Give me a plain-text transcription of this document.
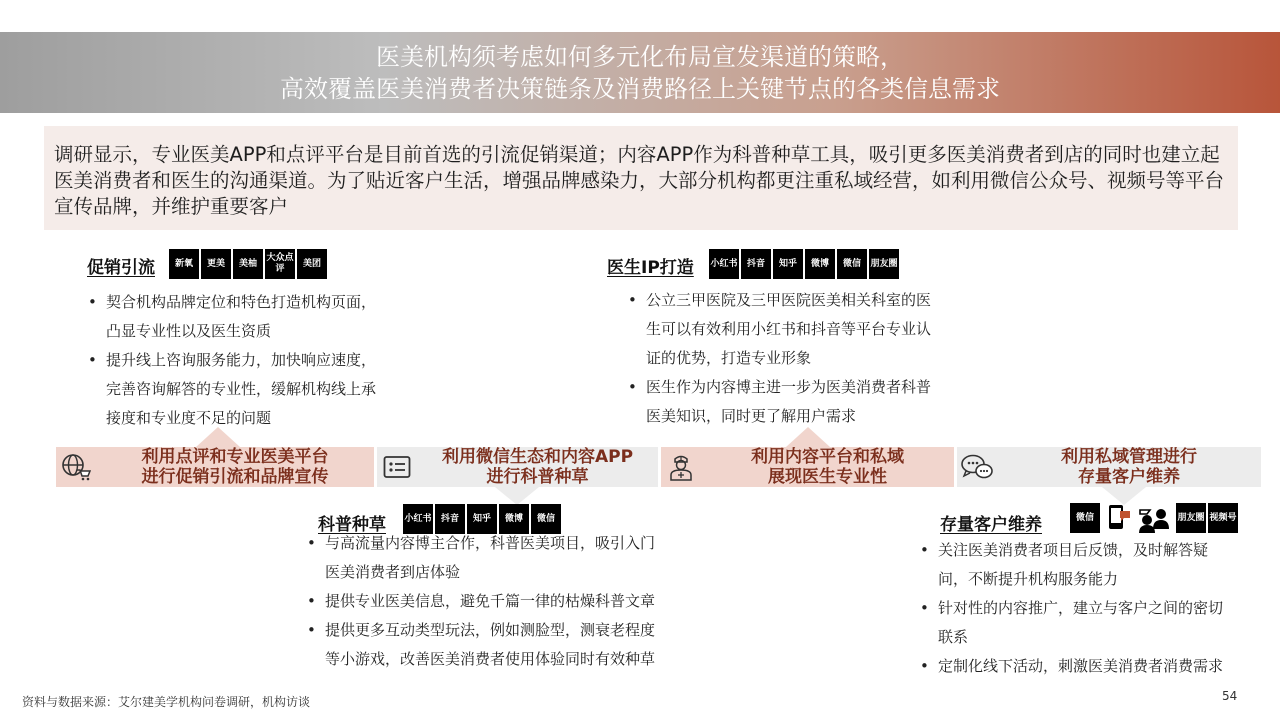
医美机构须考虑如何多元化布局宣发渠道的策略，
高效覆盖医美消费者决策链条及消费路径上关键节点的各类信息需求
调研显示，专业医美APP和点评平台是目前首选的引流促销渠道；内容APP作为科普种草工具，吸引更多医美消费者到店的同时也建立起医美消费者和医生的沟通渠道。为了贴近客户生活，增强品牌感染力，大部分机构都更注重私域经营，如利用微信公众号、视频号等平台宣传品牌，并维护重要客户
促销引流	新氧	更美	美柚
大众点评
美团
• 契合机构品牌定位和特色打造机构页面，
凸显专业性以及医生资质
• 提升线上咨询服务能力，加快响应速度，
完善咨询解答的专业性，缓解机构线上承
接度和专业度不足的问题
医生IP打造 小红书	抖音	知乎	微博	微信	朋友圈
• 公立三甲医院及三甲医院医美相关科室的医
生可以有效利用小红书和抖音等平台专业认
证的优势，打造专业形象
• 医生作为内容博主进一步为医美消费者科普
医美知识，同时更了解用户需求
利用点评和专业医美平台
进行促销引流和品牌宣传
利用微信生态和内容APP
进行科普种草
利用内容平台和私域
展现医生专业性
利用私域管理进行
存量客户维养
科普种草 小红书	抖音	知乎	微博	微信
• 与高流量内容博主合作，科普医美项目，吸引入门
医美消费者到店体验
• 提供专业医美信息，避免千篇一律的枯燥科普文章
• 提供更多互动类型玩法，例如测脸型，测衰老程度
等小游戏，改善医美消费者使用体验同时有效种草
存量客户维养	微信	朋友圈 视频号
• 关注医美消费者项目后反馈，及时解答疑
问，不断提升机构服务能力
• 针对性的内容推广，建立与客户之间的密切
联系
• 定制化线下活动，刺激医美消费者消费需求
资料与数据来源：艾尔建美学机构问卷调研，机构访谈	54
